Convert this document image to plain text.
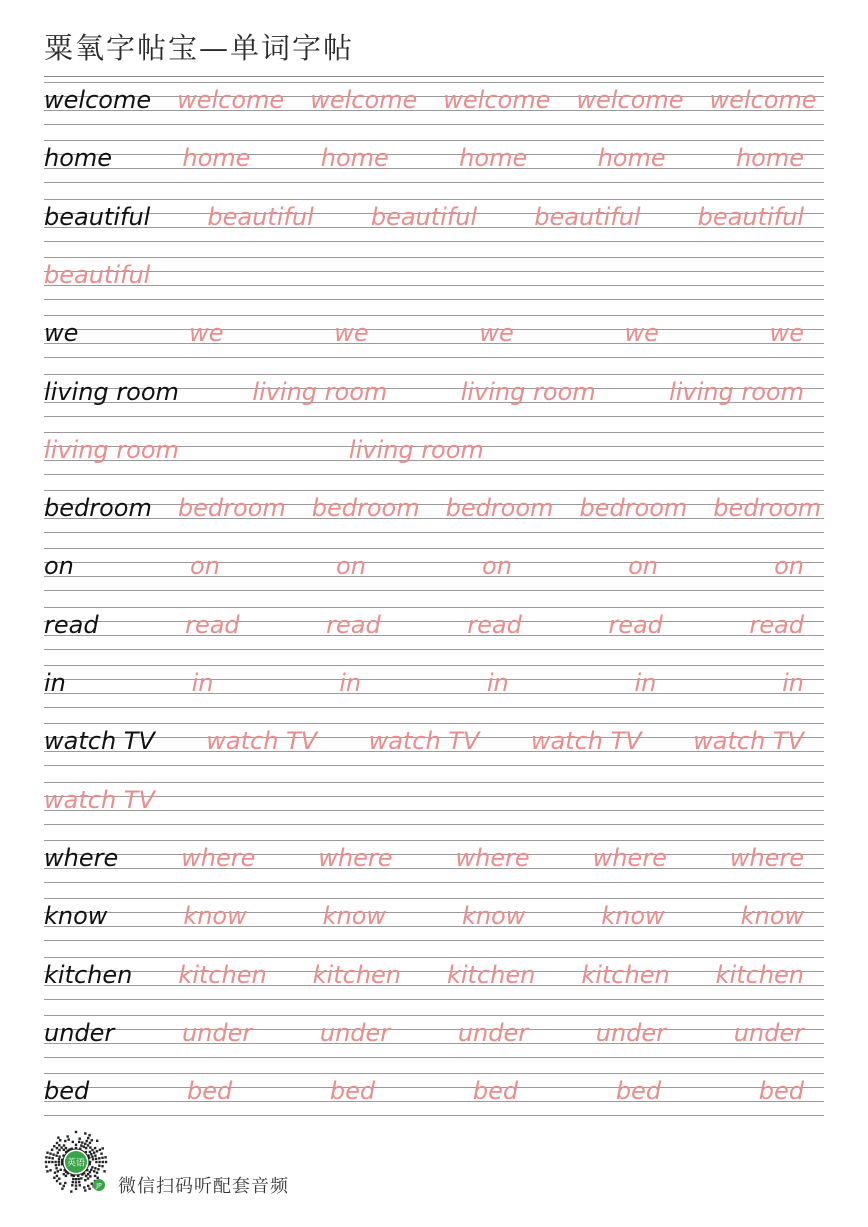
粟氧字帖宝—单词字帖
welcome welcome welcome welcome welcome welcome
home	home	home	home	home	home
beautiful beautiful beautiful beautiful beautiful
beautiful
we	we	we	we	we	we
living room	living room	living room	living room
living room	living room
bedroom bedroom bedroom bedroom bedroom bedroom
on	on	on	on	on	on
read	read	read	read	read	read
in	in	in	in	in	in
watch TV watch TV watch TV watch TV watch TV
watch TV
where	where	where	where	where	where
know	know	know	know	know	know
kitchen kitchen kitchen kitchen kitchen kitchen
under	under	under	under	under	under
bed	bed	bed	bed	bed	bed
英语
JP 微信扫码听配套音频
